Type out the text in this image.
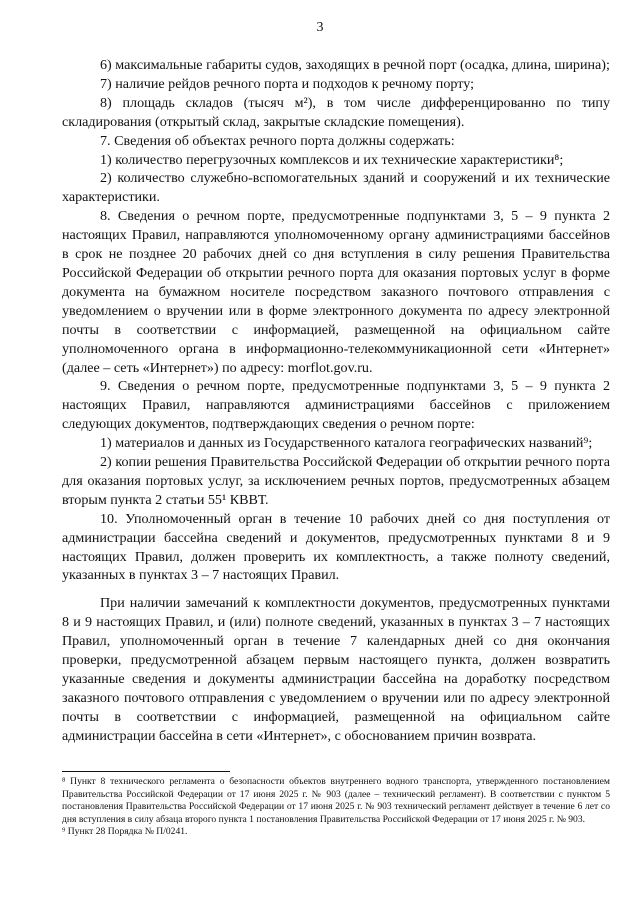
3

6) максимальные габариты судов, заходящих в речной порт (осадка, длина, ширина);

7) наличие рейдов речного порта и подходов к речному порту;

8) площадь складов (тысяч м²), в том числе дифференцированно по типу складирования (открытый склад, закрытые складские помещения).

7. Сведения об объектах речного порта должны содержать:

1) количество перегрузочных комплексов и их технические характеристики⁸;

2) количество служебно-вспомогательных зданий и сооружений и их технические характеристики.

8. Сведения о речном порте, предусмотренные подпунктами 3, 5 – 9 пункта 2 настоящих Правил, направляются уполномоченному органу администрациями бассейнов в срок не позднее 20 рабочих дней со дня вступления в силу решения Правительства Российской Федерации об открытии речного порта для оказания портовых услуг в форме документа на бумажном носителе посредством заказного почтового отправления с уведомлением о вручении или в форме электронного документа по адресу электронной почты в соответствии с информацией, размещенной на официальном сайте уполномоченного органа в информационно-телекоммуникационной сети «Интернет» (далее – сеть «Интернет») по адресу: morflot.gov.ru.

9. Сведения о речном порте, предусмотренные подпунктами 3, 5 – 9 пункта 2 настоящих Правил, направляются администрациями бассейнов с приложением следующих документов, подтверждающих сведения о речном порте:

1) материалов и данных из Государственного каталога географических названий⁹;

2) копии решения Правительства Российской Федерации об открытии речного порта для оказания портовых услуг, за исключением речных портов, предусмотренных абзацем вторым пункта 2 статьи 55¹ КВВТ.

10. Уполномоченный орган в течение 10 рабочих дней со дня поступления от администрации бассейна сведений и документов, предусмотренных пунктами 8 и 9 настоящих Правил, должен проверить их комплектность, а также полноту сведений, указанных в пунктах 3 – 7 настоящих Правил.

При наличии замечаний к комплектности документов, предусмотренных пунктами 8 и 9 настоящих Правил, и (или) полноте сведений, указанных в пунктах 3 – 7 настоящих Правил, уполномоченный орган в течение 7 календарных дней со дня окончания проверки, предусмотренной абзацем первым настоящего пункта, должен возвратить указанные сведения и документы администрации бассейна на доработку посредством заказного почтового отправления с уведомлением о вручении или по адресу электронной почты в соответствии с информацией, размещенной на официальном сайте администрации бассейна в сети «Интернет», с обоснованием причин возврата.

⁸ Пункт 8 технического регламента о безопасности объектов внутреннего водного транспорта, утвержденного постановлением Правительства Российской Федерации от 17 июня 2025 г. № 903 (далее – технический регламент). В соответствии с пунктом 5 постановления Правительства Российской Федерации от 17 июня 2025 г. № 903 технический регламент действует в течение 6 лет со дня вступления в силу абзаца второго пункта 1 постановления Правительства Российской Федерации от 17 июня 2025 г. № 903.

⁹ Пункт 28 Порядка № П/0241.
